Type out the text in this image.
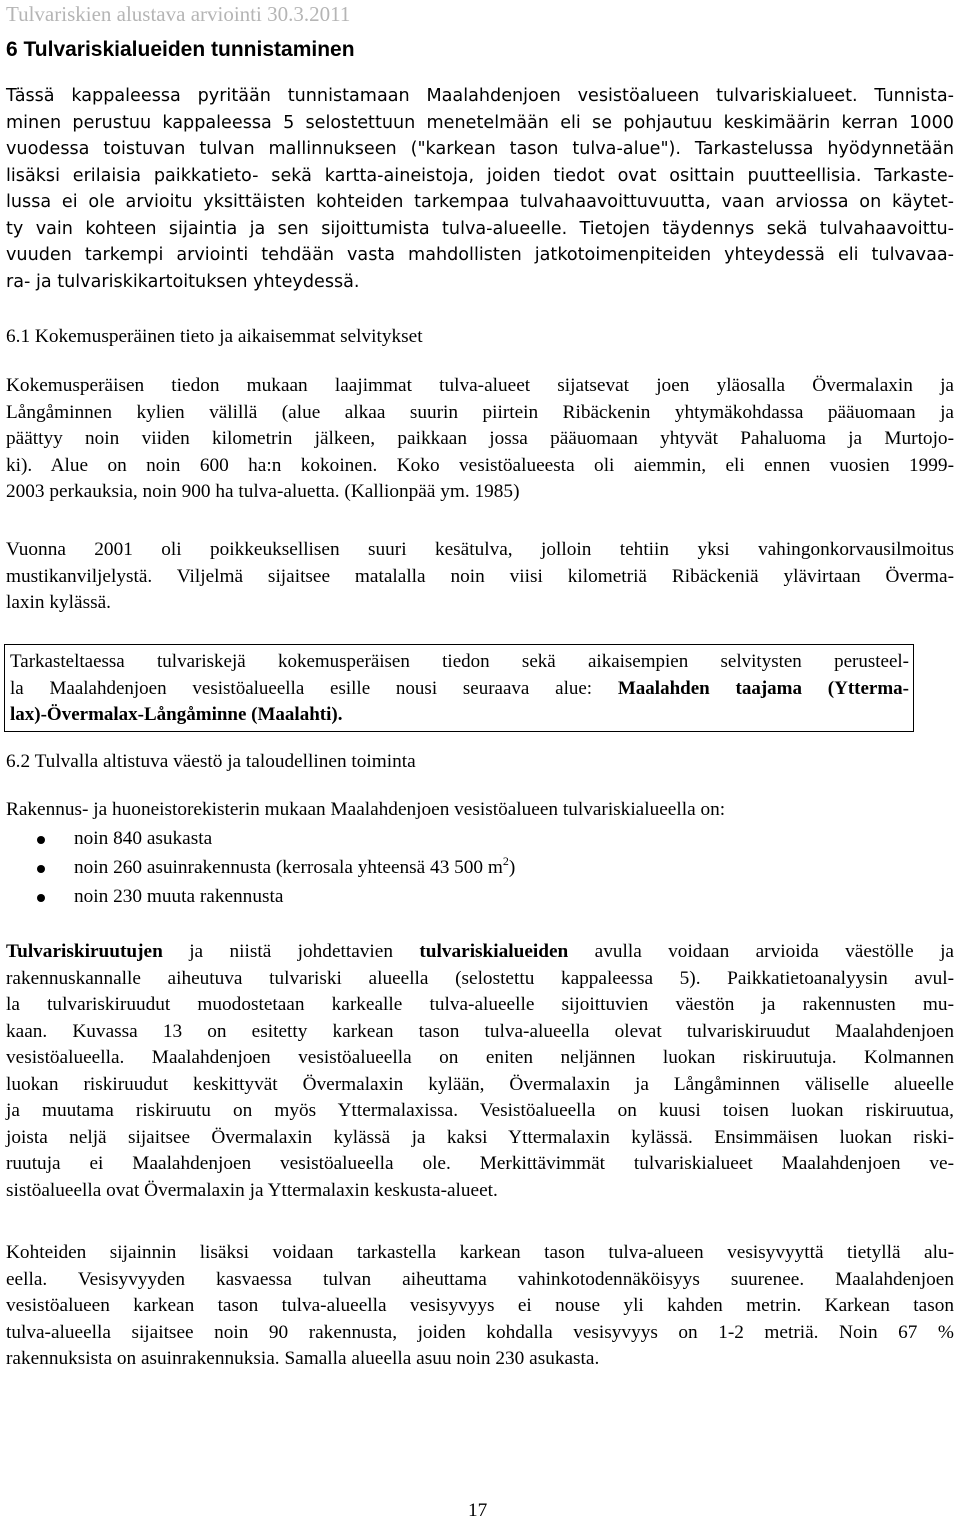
Tulvariskien alustava arviointi 30.3.2011
6 Tulvariskialueiden tunnistaminen
Tässä kappaleessa pyritään tunnistamaan Maalahdenjoen vesistöalueen tulvariskialueet. Tunnista-
minen perustuu kappaleessa 5 selostettuun menetelmään eli se pohjautuu keskimäärin kerran 1000
vuodessa toistuvan tulvan mallinnukseen ("karkean tason tulva-alue"). Tarkastelussa hyödynnetään
lisäksi erilaisia paikkatieto- sekä kartta-aineistoja, joiden tiedot ovat osittain puutteellisia. Tarkaste-
lussa ei ole arvioitu yksittäisten kohteiden tarkempaa tulvahaavoittuvuutta, vaan arviossa on käytet-
ty vain kohteen sijaintia ja sen sijoittumista tulva-alueelle. Tietojen täydennys sekä tulvahaavoittu-
vuuden tarkempi arviointi tehdään vasta mahdollisten jatkotoimenpiteiden yhteydessä eli tulvavaa-
ra- ja tulvariskikartoituksen yhteydessä.
6.1 Kokemusperäinen tieto ja aikaisemmat selvitykset
Kokemusperäisen tiedon mukaan laajimmat tulva-alueet sijatsevat joen yläosalla Övermalaxin ja
Långåminnen kylien välillä (alue alkaa suurin piirtein Ribäckenin yhtymäkohdassa pääuomaan ja
päättyy noin viiden kilometrin jälkeen, paikkaan jossa pääuomaan yhtyvät Pahaluoma ja Murtojo-
ki). Alue on noin 600 ha:n kokoinen. Koko vesistöalueesta oli aiemmin, eli ennen vuosien 1999-
2003 perkauksia, noin 900 ha tulva-aluetta. (Kallionpää ym. 1985)
Vuonna 2001 oli poikkeuksellisen suuri kesätulva, jolloin tehtiin yksi vahingonkorvausilmoitus
mustikanviljelystä. Viljelmä sijaitsee matalalla noin viisi kilometriä Ribäckeniä ylävirtaan Överma-
laxin kylässä.
Tarkasteltaessa tulvariskejä kokemusperäisen tiedon sekä aikaisempien selvitysten perusteel-
la Maalahdenjoen vesistöalueella esille nousi seuraava alue: Maalahden taajama (Yttermа-
lax)-Övermalax-Långåminne (Maalahti).
6.2 Tulvalla altistuva väestö ja taloudellinen toiminta
Rakennus- ja huoneistorekisterin mukaan Maalahdenjoen vesistöalueen tulvariskialueella on:
noin 840 asukasta
noin 260 asuinrakennusta (kerrosala yhteensä 43 500 $m^2$)
noin 230 muuta rakennusta
Tulvariskiruutujen ja niistä johdettavien tulvariskialueiden avulla voidaan arvioida väestölle ja
rakennuskannalle aiheutuva tulvariski alueella (selostettu kappaleessa 5). Paikkatietoanalyysin avul-
la tulvariskiruudut muodostetaan karkealle tulva-alueelle sijoittuvien väestön ja rakennusten mu-
kaan. Kuvassa 13 on esitetty karkean tason tulva-alueella olevat tulvariskiruudut Maalahdenjoen
vesistöalueella. Maalahdenjoen vesistöalueella on eniten neljännen luokan riskiruutuja. Kolmannen
luokan riskiruudut keskittyvät Övermalaxin kylään, Övermalaxin ja Långåminnen väliselle alueelle
ja muutama riskiruutu on myös Yttermalaxissa. Vesistöalueella on kuusi toisen luokan riskiruutua,
joista neljä sijaitsee Övermalaxin kylässä ja kaksi Yttermalaxin kylässä. Ensimmäisen luokan riski-
ruutuja ei Maalahdenjoen vesistöalueella ole. Merkittävimmät tulvariskialueet Maalahdenjoen ve-
sistöalueella ovat Övermalaxin ja Yttermalaxin keskusta-alueet.
Kohteiden sijainnin lisäksi voidaan tarkastella karkean tason tulva-alueen vesisyvyyttä tietyllä alu-
eella. Vesisyvyyden kasvaessa tulvan aiheuttama vahinkotodennäköisyys suurenee. Maalahdenjoen
vesistöalueen karkean tason tulva-alueella vesisyvyys ei nouse yli kahden metrin. Karkean tason
tulva-alueella sijaitsee noin 90 rakennusta, joiden kohdalla vesisyvyys on 1-2 metriä. Noin 67 %
rakennuksista on asuinrakennuksia. Samalla alueella asuu noin 230 asukasta.
17
